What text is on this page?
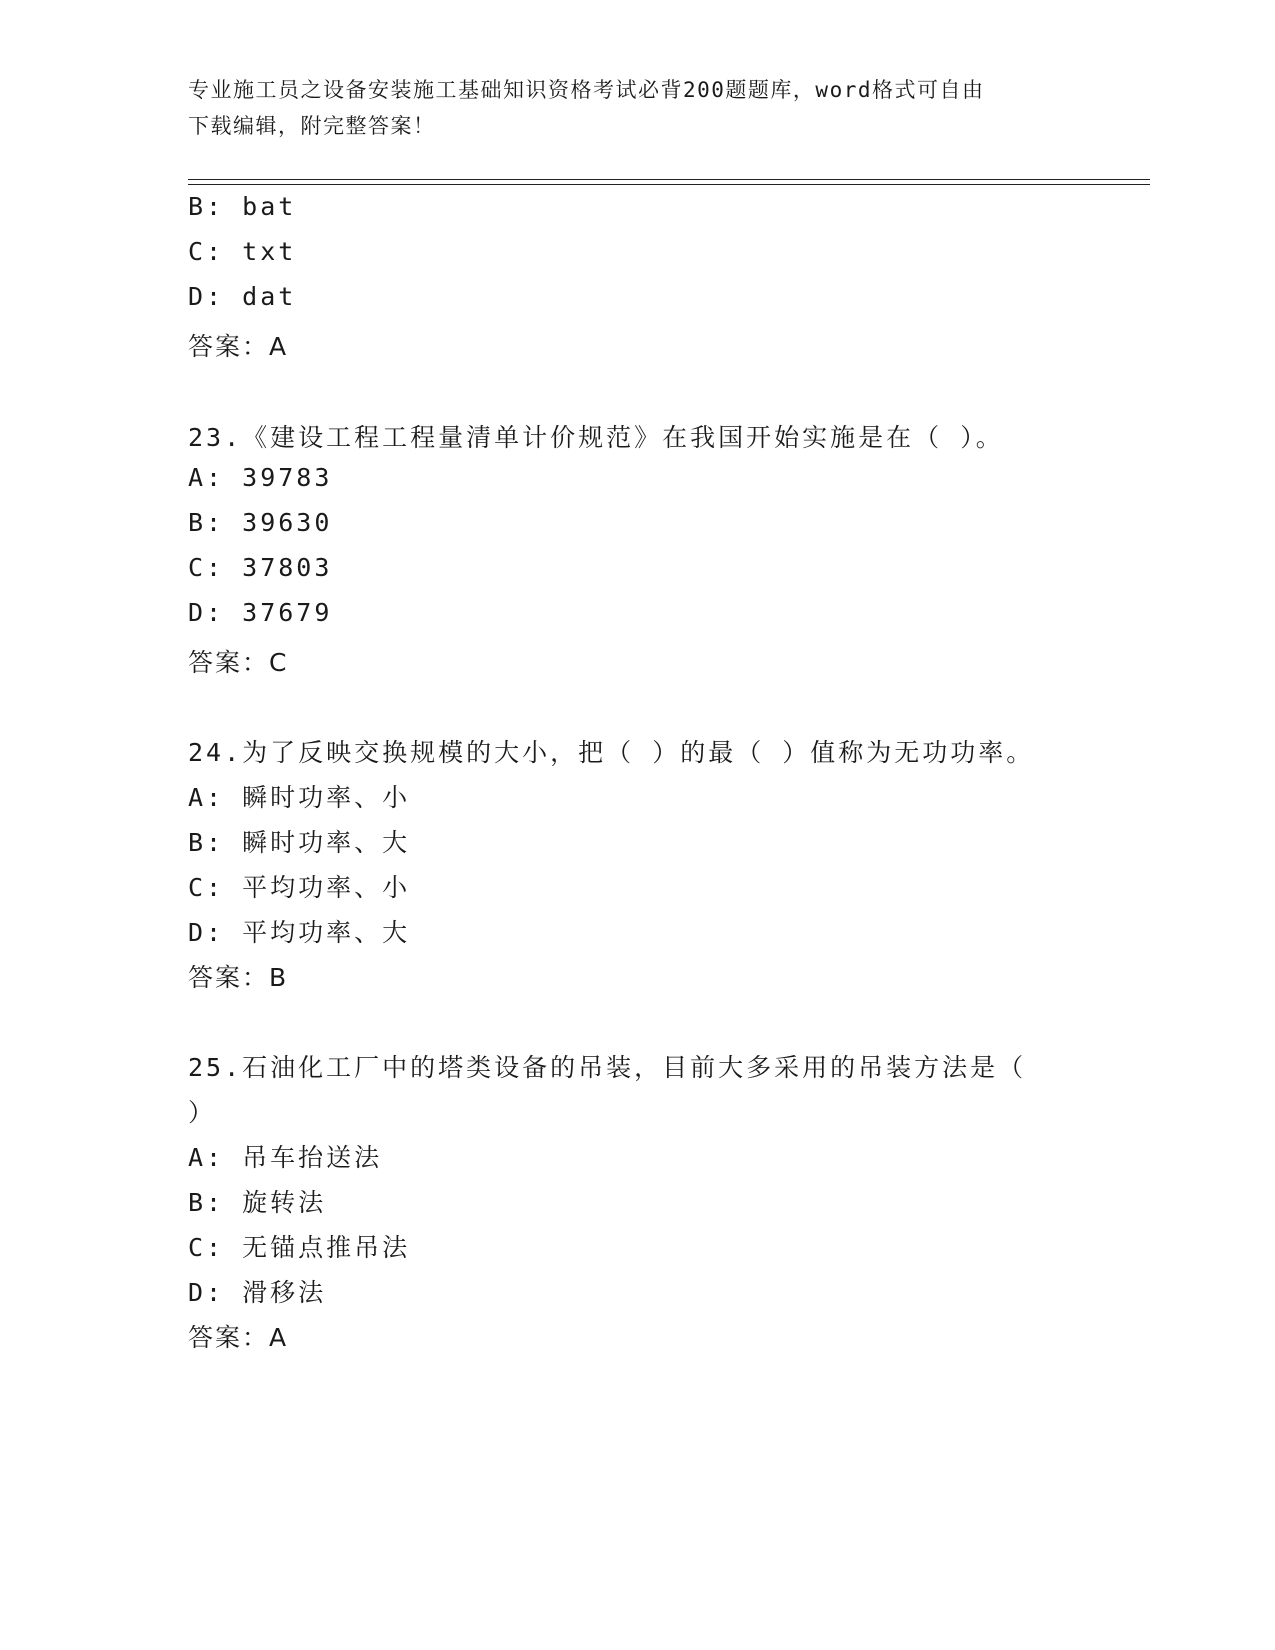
专业施工员之设备安装施工基础知识资格考试必背200题题库，word格式可自由
下载编辑，附完整答案！
B: bat
C: txt
D: dat
答案：A
23.《建设工程工程量清单计价规范》在我国开始实施是在（ ）。
A: 39783
B: 39630
C: 37803
D: 37679
答案：C
24.为了反映交换规模的大小，把（ ）的最（ ）值称为无功功率。
A: 瞬时功率、小
B: 瞬时功率、大
C: 平均功率、小
D: 平均功率、大
答案：B
25.石油化工厂中的塔类设备的吊装，目前大多采用的吊装方法是（
）
A: 吊车抬送法
B: 旋转法
C: 无锚点推吊法
D: 滑移法
答案：A
